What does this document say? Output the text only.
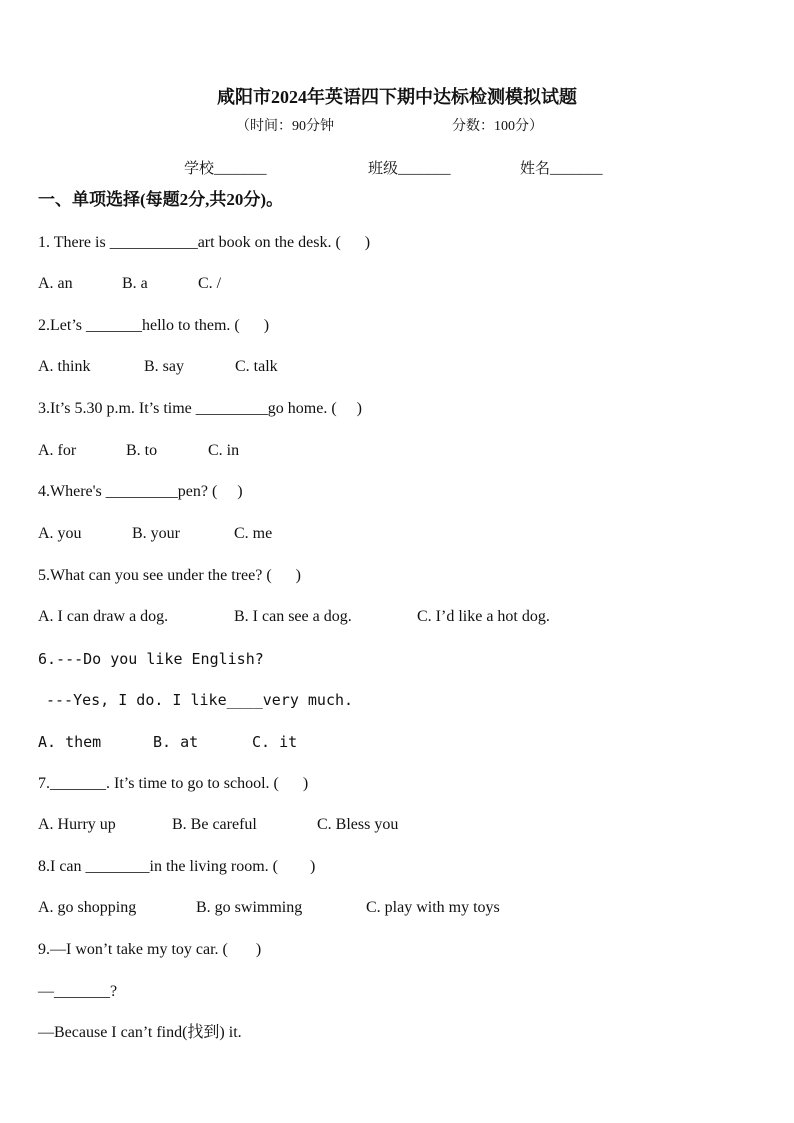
咸阳市2024年英语四下期中达标检测模拟试题
（时间：90分钟	分数：100分）
学校_______	班级_______	姓名_______
一、单项选择(每题2分,共20分)。
1. There is ___________art book on the desk. (      )
A. an	B. a	C. /
2.Let’s _______hello to them. (      )
A. think	B. say	C. talk
3.It’s 5.30 p.m. It’s time _________go home. (     )
A. for	B. to	C. in
4.Where's _________pen? (     )
A. you	B. your	C. me
5.What can you see under the tree? (      )
A. I can draw a dog.	B. I can see a dog.	C. I’d like a hot dog.
6.---Do you like English?
---Yes, I do. I like____very much.
A. them	B. at	C. it
7._______. It’s time to go to school. (      )
A. Hurry up	B. Be careful	C. Bless you
8.I can ________in the living room. (        )
A. go shopping	B. go swimming	C. play with my toys
9.—I won’t take my toy car. (       )
—_______?
—Because I can’t find(找到) it.
